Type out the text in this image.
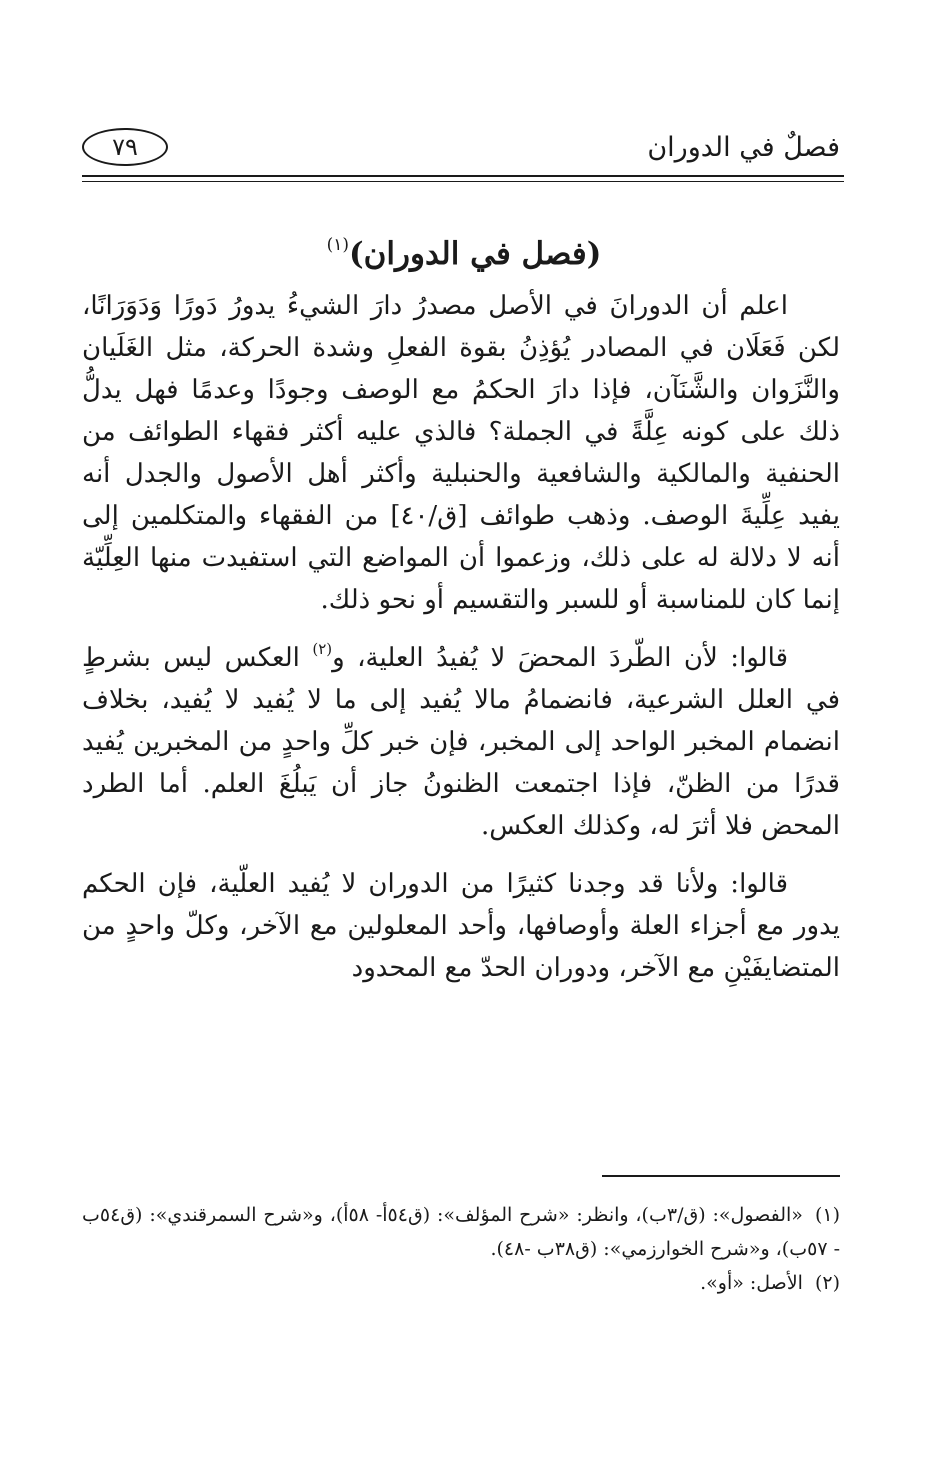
فصلٌ في الدوران
٧٩
(فصل في الدوران)$^{(١)}$

اعلم أن الدورانَ في الأصل مصدرُ دارَ الشيءُ يدورُ دَورًا وَدَوَرَانًا، لكن فَعَلَان في المصادر يُؤذِنُ بقوة الفعلِ وشدة الحركة، مثل الغَلَيان والنَّزَوان والشَّنَآن، فإذا دارَ الحكمُ مع الوصف وجودًا وعدمًا فهل يدلُّ ذلك على كونه عِلَّةً في الجملة؟ فالذي عليه أكثر فقهاء الطوائف من الحنفية والمالكية والشافعية والحنبلية وأكثر أهل الأصول والجدل أنه يفيد عِلِّيةَ الوصف. وذهب طوائف [ق/٤٠] من الفقهاء والمتكلمين إلى أنه لا دلالة له على ذلك، وزعموا أن المواضع التي استفيدت منها العِلِّيّة إنما كان للمناسبة أو للسبر والتقسيم أو نحو ذلك.

قالوا: لأن الطّردَ المحضَ لا يُفيدُ العلية، و$^{(٢)}$ العكس ليس بشرطٍ في العلل الشرعية، فانضمامُ مالا يُفيد إلى ما لا يُفيد لا يُفيد، بخلاف انضمام المخبر الواحد إلى المخبر، فإن خبر كلِّ واحدٍ من المخبرين يُفيد قدرًا من الظنّ، فإذا اجتمعت الظنونُ جاز أن يَبلُغَ العلم. أما الطرد المحض فلا أثرَ له، وكذلك العكس.

قالوا: ولأنا قد وجدنا كثيرًا من الدوران لا يُفيد العلّية، فإن الحكم يدور مع أجزاء العلة وأوصافها، وأحد المعلولين مع الآخر، وكلّ واحدٍ من المتضايفَيْنِ مع الآخر، ودوران الحدّ مع المحدود

(١)«الفصول»: (ق/٣ب)، وانظر: «شرح المؤلف»: (ق٥٤أ- ٥٨أ)، و«شرح السمرقندي»: (ق٥٤ب - ٥٧ب)، و«شرح الخوارزمي»: (ق٣٨ب -٤٨).

(٢)الأصل: «أو».
